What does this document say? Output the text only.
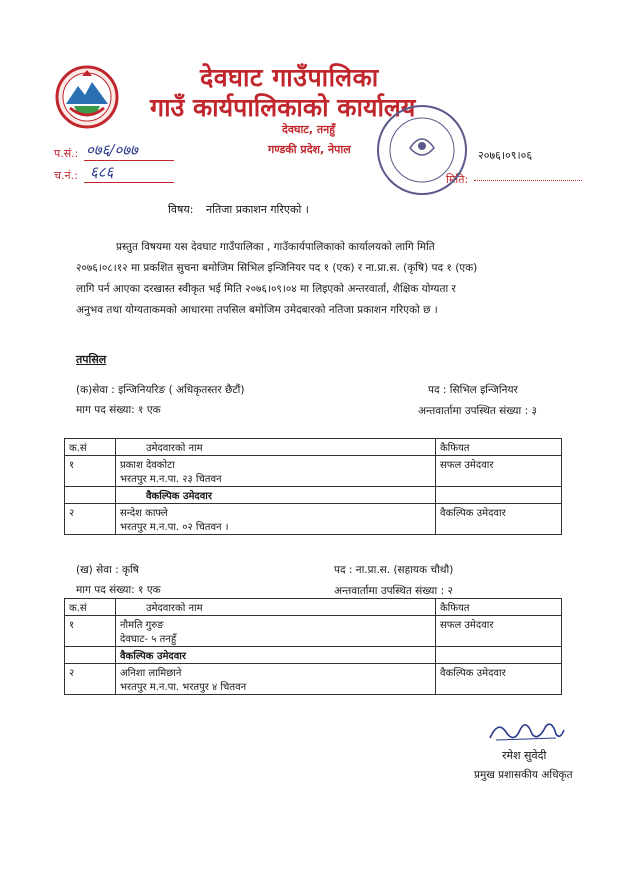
देवघाट गाउँपालिका
गाउँ कार्यपालिकाको कार्यालय
देवघाट, तनहुँ
गण्डकी प्रदेश, नेपाल
प.सं.: ०७६/०७७
च.नं.: ६८६
२०७६।०९।०६
मिति:
विषय: नतिजा प्रकाशन गरिएको ।
प्रस्तुत विषयमा यस देवघाट गाउँपालिका , गाउँकार्यपालिकाको कार्यालयको लागि मिति
२०७६।०८।१२ मा प्रकशित सुचना बमोजिम सिभिल इन्जिनियर पद १ (एक) र ना.प्रा.स. (कृषि) पद १ (एक)
लागि पर्न आएका दरखास्त स्वीकृत भई मिति २०७६।०९।०४ मा लिइएको अन्तरवार्ता, शैक्षिक योग्यता र
अनुभव तथा योग्यताकमको आधारमा तपसिल बमोजिम उमेदबारको नतिजा प्रकाशन गरिएको छ ।
तपसिल
(क)सेवा : इन्जिनियरिङ ( अधिकृतस्तर छैटौं)	पद : सिभिल इन्जिनियर
माग पद संख्या: १ एक	अन्तवार्तामा उपस्थित संख्या : ३
क.सं	उमेदवारको नाम	कैफियत
१	प्रकाश देवकोटा
भरतपुर म.न.पा. २३ चितवन	सफल उमेदवार
	वैकल्पिक उमेदवार	
२	सन्देश काफ्ले
भरतपुर म.न.पा. ०२ चितवन ।	वैकल्पिक उमेदवार
(ख) सेवा : कृषि	पद : ना.प्रा.स. (सहायक चौथौ)
माग पद संख्या: १ एक	अन्तवार्तामा उपस्थित संख्या : २
क.सं	उमेदवारको नाम	कैफियत
१	नौमति गुरुङ
देवघाट- ५ तनहुँ	सफल उमेदवार
	वैकल्पिक उमेदवार	
२	अनिशा लामिछाने
भरतपुर म.न.पा. भरतपुर ४ चितवन	वैकल्पिक उमेदवार
रमेश सुवेदी
प्रमुख प्रशासकीय अधिकृत
